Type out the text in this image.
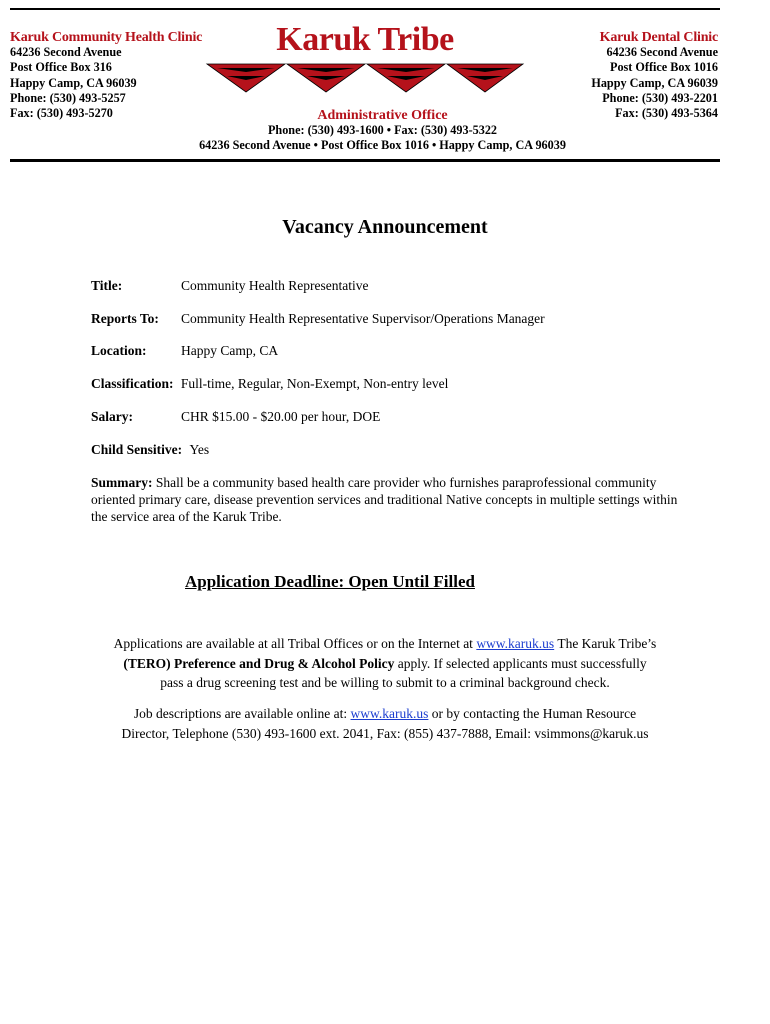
Karuk Community Health Clinic
64236 Second Avenue
Post Office Box 316
Happy Camp, CA 96039
Phone: (530) 493-5257
Fax: (530) 493-5270
Karuk Tribe	Karuk Dental Clinic
64236 Second Avenue
Post Office Box 1016
Happy Camp, CA 96039
Phone: (530) 493-2201
Fax: (530) 493-5364
Administrative Office
Phone: (530) 493-1600 • Fax: (530) 493-5322
64236 Second Avenue • Post Office Box 1016 • Happy Camp, CA 96039
Vacancy Announcement
Title:	Community Health Representative
Reports To: Community Health Representative Supervisor/Operations Manager
Location:	Happy Camp, CA
Classification: Full-time, Regular, Non-Exempt, Non-entry level
Salary:	CHR $15.00 - $20.00 per hour, DOE
Child Sensitive: Yes
Summary: Shall be a community based health care provider who furnishes paraprofessional community oriented primary care, disease prevention services and traditional Native concepts in multiple settings within the service area of the Karuk Tribe.
Application Deadline: Open Until Filled
Applications are available at all Tribal Offices or on the Internet at www.karuk.us The Karuk Tribe’s
(TERO) Preference and Drug & Alcohol Policy apply. If selected applicants must successfully
pass a drug screening test and be willing to submit to a criminal background check.
Job descriptions are available online at: www.karuk.us or by contacting the Human Resource
Director, Telephone (530) 493-1600 ext. 2041, Fax: (855) 437-7888, Email: vsimmons@karuk.us
